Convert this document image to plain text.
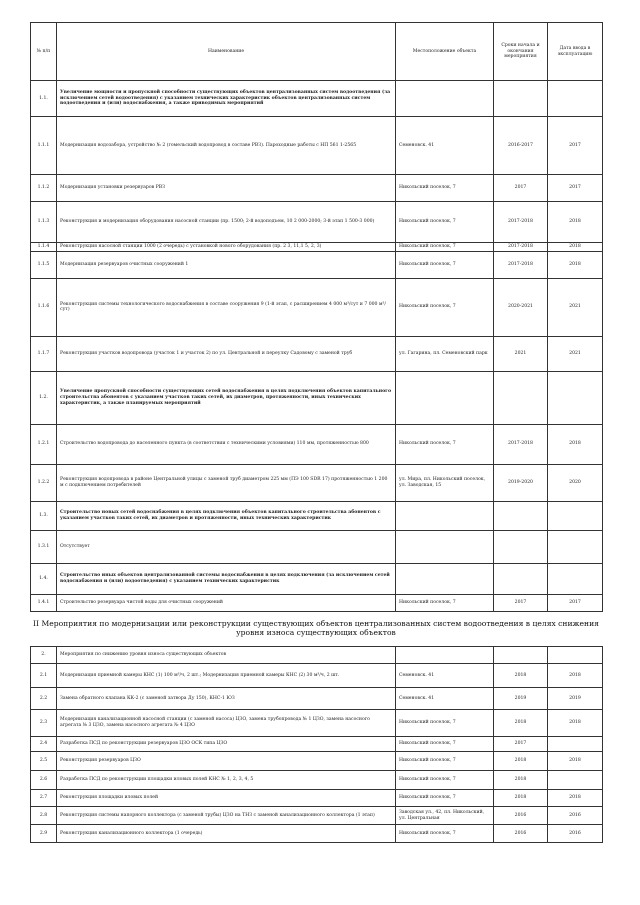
№ п/п	Наименование	Местоположение объекта	Сроки начала и окончания мероприятия	Дата ввода в эксплуатацию
1.1.	Увеличение мощности и пропускной способности существующих объектов централизованных систем водоотведения (за исключением сетей водоотведения) с указанием технических характеристик объектов централизованных систем водоотведения и (или) водоснабжения, а также приводимых мероприятий			
1.1.1	Модернизация водозабора, устройство № 2 (гомельский водопровод в составе РВЗ). Пароходные работы с НП 561 1-2565	Семеновск. 41	2016-2017	2017
1.1.2	Модернизация установки резервуаров РВЗ	Никольский поселок, 7	2017	2017
1.1.3	Реконструкция и модернизация оборудования насосной станции (пр. 1500; 2-й водоподъем, 10 2 000-2000; 3-й этап 1 500-3 000)	Никольский поселок, 7	2017-2018	2018
1.1.4	Реконструкция насосной станции 1000 (2 очередь) с установкой нового оборудования (пр. 2 3, 11,1 5, 2, 3)	Никольский поселок, 7	2017-2018	2018
1.1.5	Модернизация резервуаров очистных сооружений 1	Никольский поселок, 7	2017-2018	2018
1.1.6	Реконструкция системы технологического водоснабжения в составе сооружения 9 (1-й этап, с расширением 4 000 м³/сут и 7 000 м³/сут)	Никольский поселок, 7	2020-2021	2021
1.1.7	Реконструкция участков водопровода (участок 1 и участок 2) по ул. Центральной и переулку Садовому с заменой труб	ул. Гагарина, пл. Семеновский парк	2021	2021
1.2.	Увеличение пропускной способности существующих сетей водоснабжения в целях подключения объектов капитального строительства абонентов с указанием участков таких сетей, их диаметров, протяженности, иных технических характеристик, а также планируемых мероприятий			
1.2.1	Строительство водопровода до населенного пункта (в соответствии с техническими условиями) 110 мм, протяженностью 800	Никольский поселок, 7	2017-2018	2018
1.2.2	Реконструкция водопровода в районе Центральной улицы с заменой труб диаметром 225 мм (ПЭ 100 SDR 17) протяженностью 1 200 м с подключением потребителей	ул. Мира, пл. Никольский поселок, ул. Заводская, 15	2019-2020	2020
1.3.	Строительство новых сетей водоснабжения в целях подключения объектов капитального строительства абонентов с указанием участков таких сетей, их диаметров и протяженности, иных технических характеристик			
1.3.1	Отсутствует			
1.4.	Строительство иных объектов централизованной системы водоснабжения в целях подключения (за исключением сетей водоснабжения и (или) водоотведения) с указанием технических характеристик			
1.4.1	Строительство резервуара чистой воды для очистных сооружений	Никольский поселок, 7	2017	2017
II Мероприятия по модернизации или реконструкции существующих объектов централизованных систем водоотведения в целях снижения уровня износа существующих объектов
2.	Мероприятия по снижению уровня износа существующих объектов			
2.1	Модернизация приемной камеры КНС (1) 100 м³/ч, 2 шт.; Модернизация приемной камеры КНС (2) 30 м³/ч, 2 шт.	Семеновск. 41	2018	2018
2.2	Замена обратного клапана КК-2 (с заменой затвора Ду 150), КНС-1 ЮЗ	Семеновск. 41	2019	2019
2.3	Модернизация канализационной насосной станции (с заменой насоса) ЦЗО, замена трубопровода № 1 ЦЗО, замена насосного агрегата № 3 ЦЗО, замена насосного агрегата № 4 ЦЗО	Никольский поселок, 7	2018	2018
2.4	Разработка ПСД по реконструкции резервуаров ЦЗО ОСК типа ЦЗО	Никольский поселок, 7	2017	
2.5	Реконструкция резервуаров ЦЗО	Никольский поселок, 7	2018	2018
2.6	Разработка ПСД по реконструкции площадки иловых полей КНС № 1, 2, 3, 4, 5	Никольский поселок, 7	2018	
2.7	Реконструкция площадки иловых полей	Никольский поселок, 7	2018	2018
2.8	Реконструкция системы напорного коллектора (с заменой трубы) ЦЗО на ТНЗ с заменой канализационного коллектора (1 этап)	Заводская ул., 42, пл. Никольский, ул. Центральная	2016	2016
2.9	Реконструкция канализационного коллектора (1 очередь)	Никольский поселок, 7	2016	2016
